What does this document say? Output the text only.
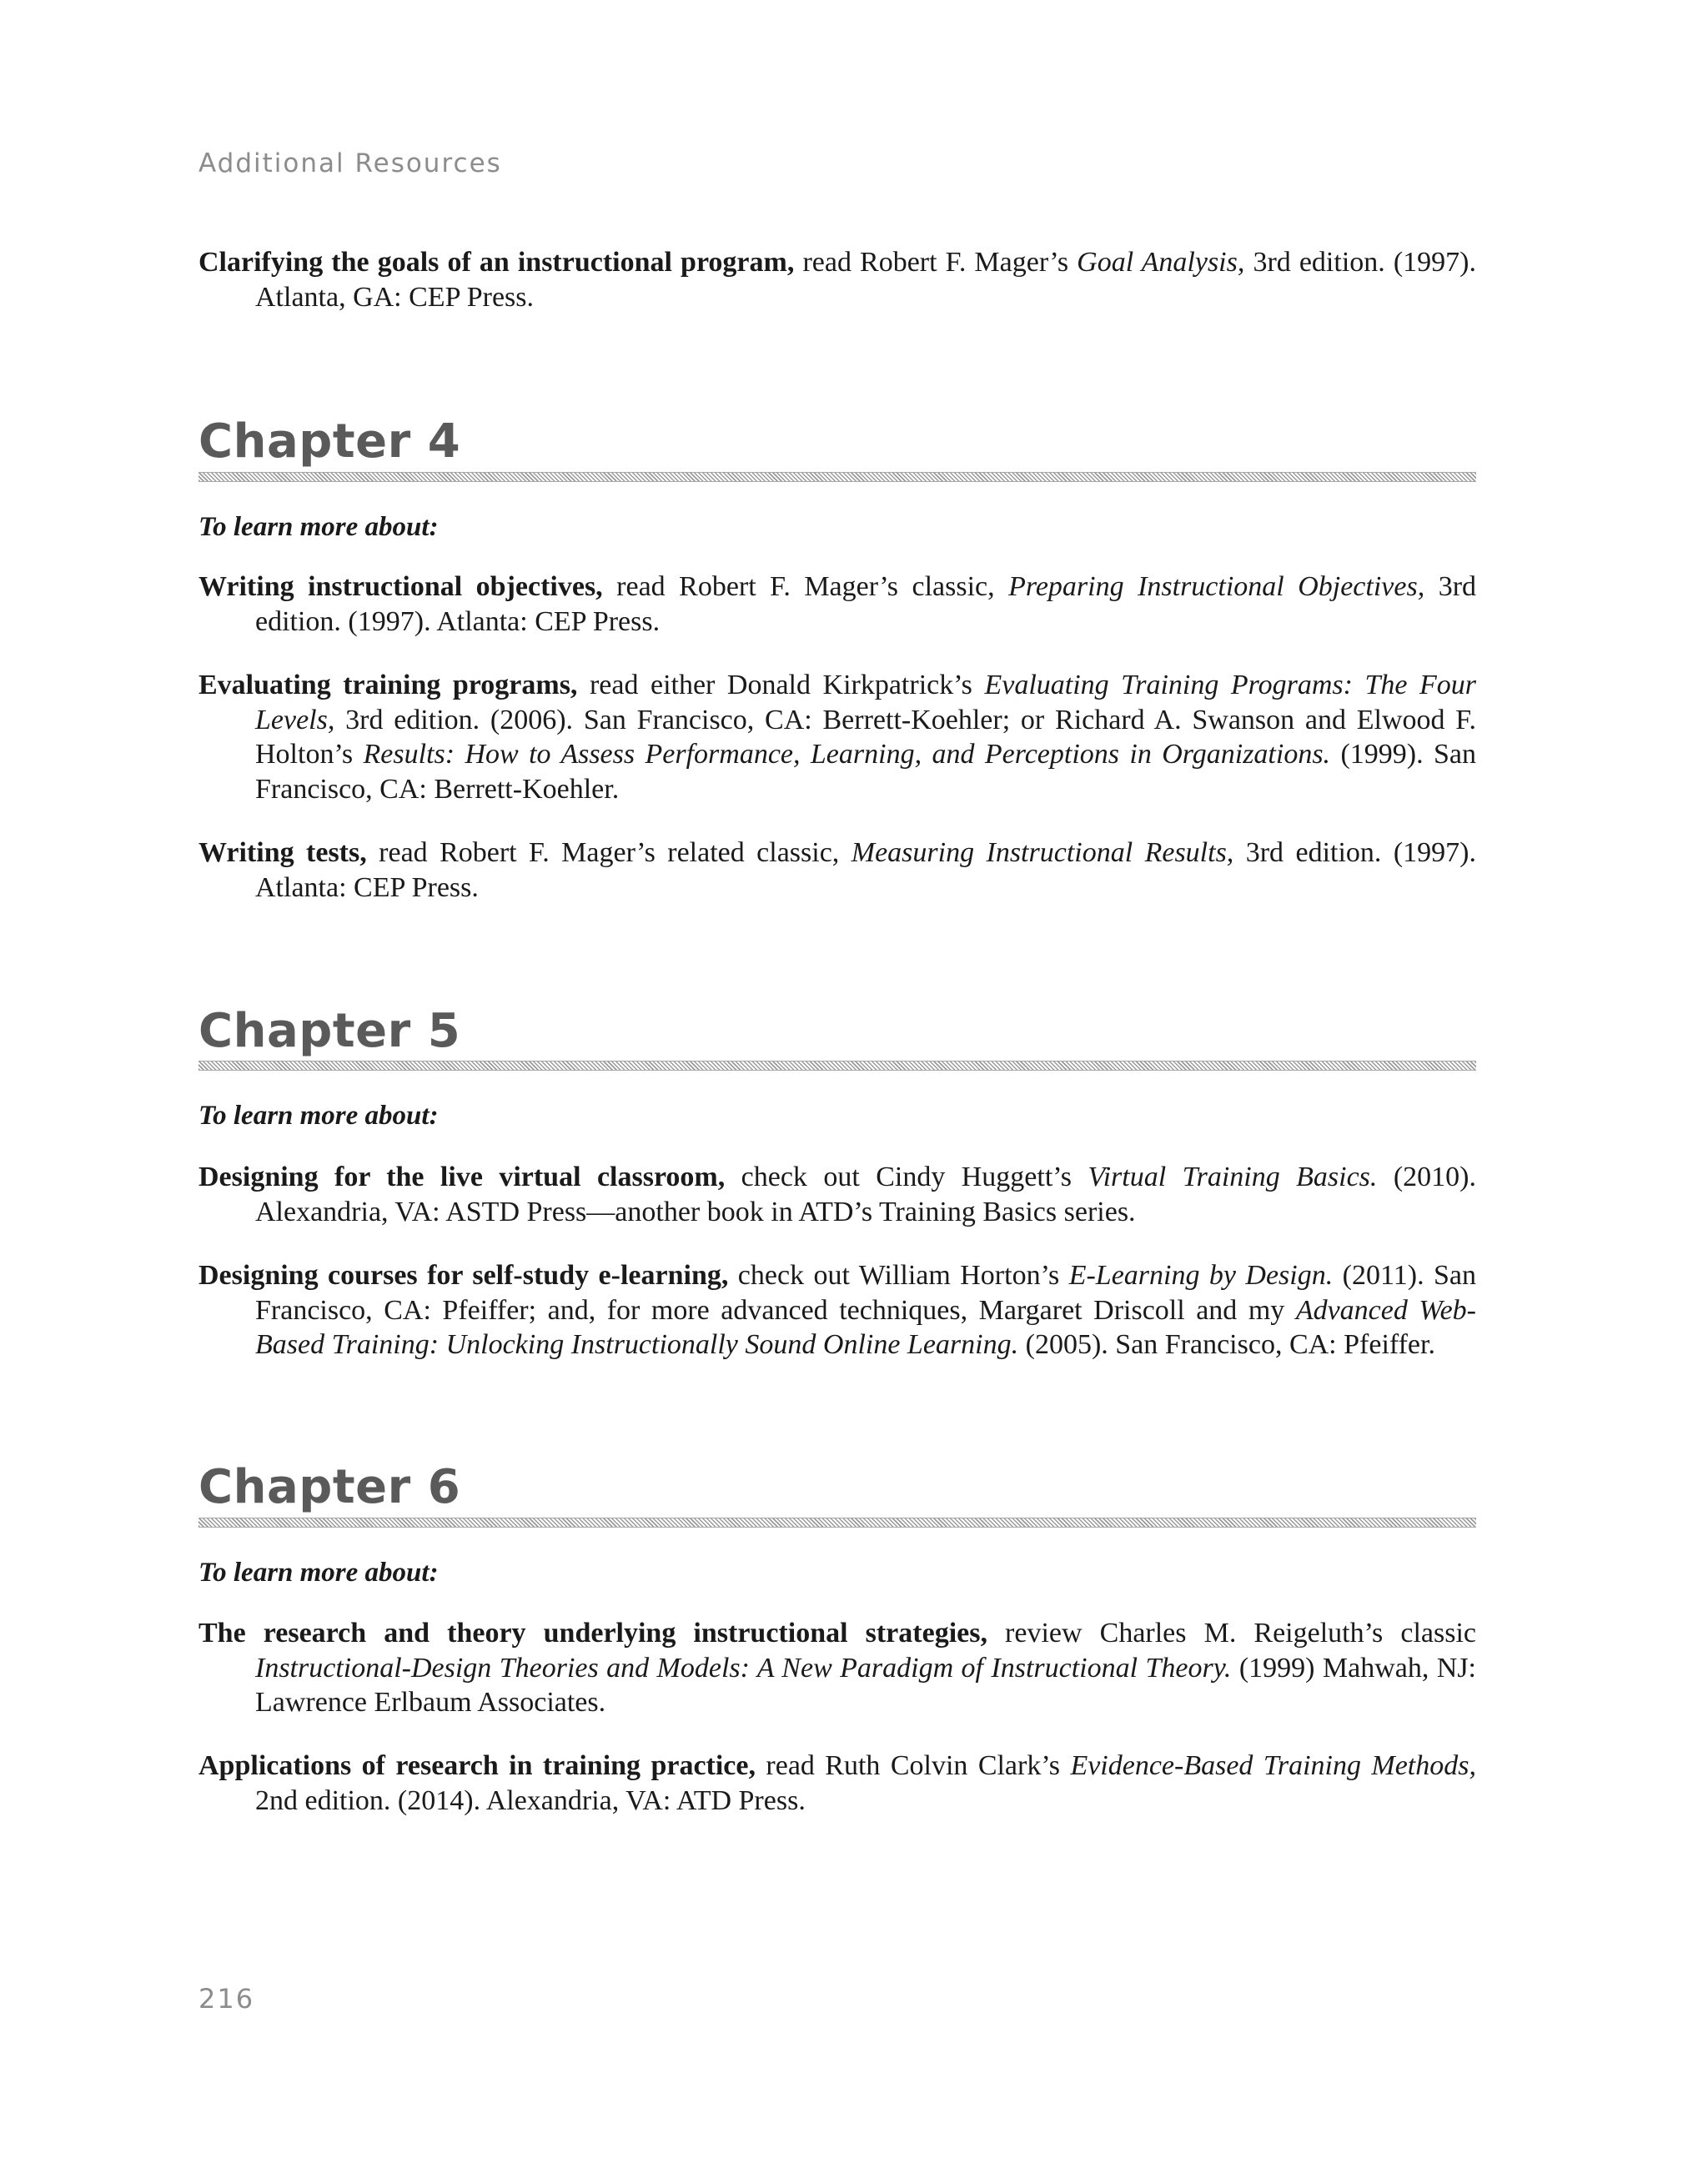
Additional Resources

Clarifying the goals of an instructional program, read Robert F. Mager’s Goal Analysis, 3rd edition. (1997). Atlanta, GA: CEP Press.

Chapter 4
To learn more about:

Writing instructional objectives, read Robert F. Mager’s classic, Preparing Instructional Objectives, 3rd edition. (1997). Atlanta: CEP Press.

Evaluating training programs, read either Donald Kirkpatrick’s Evaluating Training Programs: The Four Levels, 3rd edition. (2006). San Francisco, CA: Berrett-Koehler; or Richard A. Swanson and Elwood F. Holton’s Results: How to Assess Performance, Learning, and Perceptions in Organizations. (1999). San Francisco, CA: Berrett-Koehler.

Writing tests, read Robert F. Mager’s related classic, Measuring Instructional Results, 3rd edition. (1997). Atlanta: CEP Press.

Chapter 5
To learn more about:

Designing for the live virtual classroom, check out Cindy Huggett’s Virtual Training Basics. (2010). Alexandria, VA: ASTD Press—another book in ATD’s Training Basics series.

Designing courses for self-study e-learning, check out William Horton’s E-Learning by Design. (2011). San Francisco, CA: Pfeiffer; and, for more advanced techniques, Margaret Driscoll and my Advanced Web-Based Training: Unlocking Instructionally Sound Online Learning. (2005). San Francisco, CA: Pfeiffer.

Chapter 6
To learn more about:

The research and theory underlying instructional strategies, review Charles M. Reigeluth’s classic Instructional-Design Theories and Models: A New Paradigm of Instructional Theory. (1999) Mahwah, NJ: Lawrence Erlbaum Associates.

Applications of research in training practice, read Ruth Colvin Clark’s Evidence-Based Training Methods, 2nd edition. (2014). Alexandria, VA: ATD Press.

216
